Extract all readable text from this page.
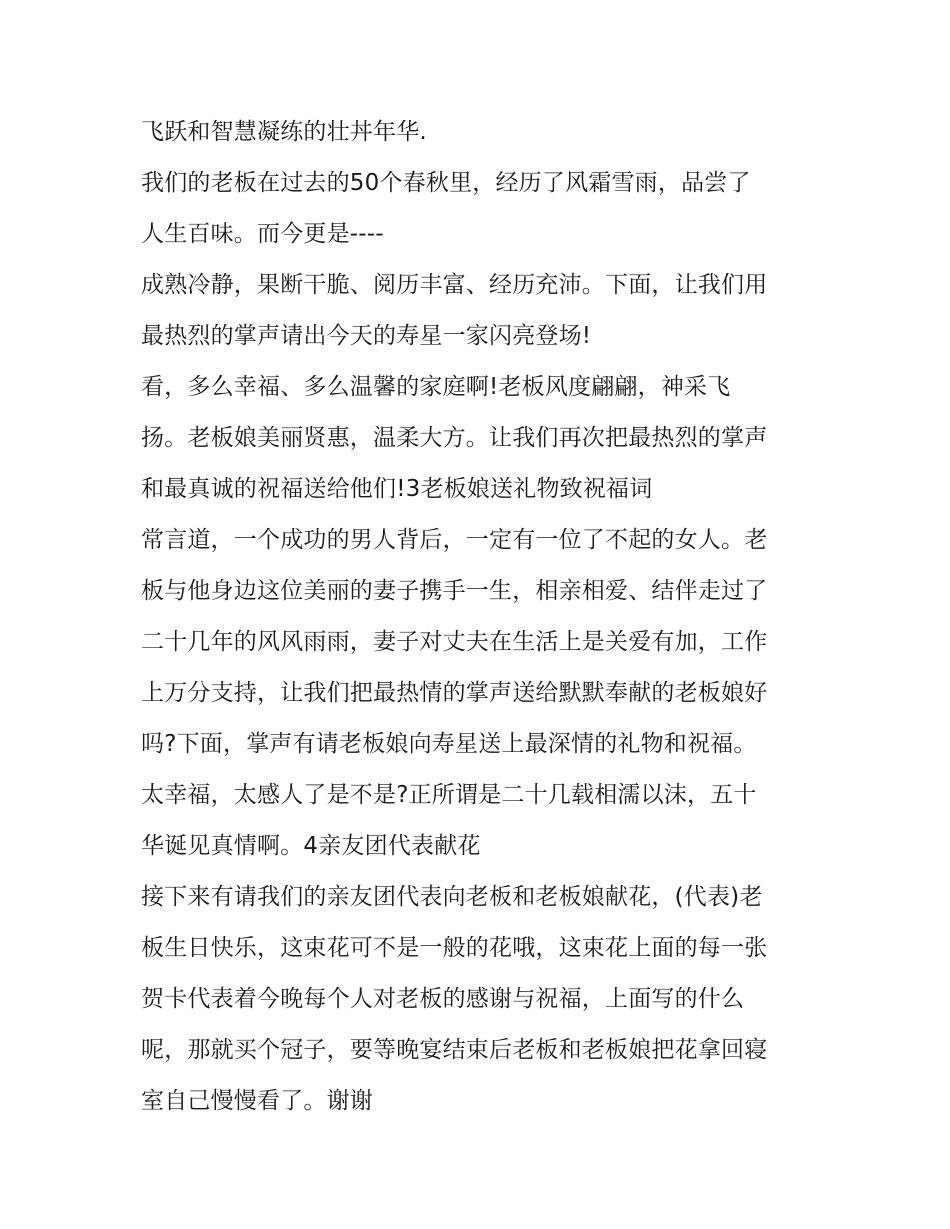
飞跃和智慧凝练的壮丼年华.
我们的老板在过去的50个春秋里，经历了风霜雪雨，品尝了
人生百味。而今更是----
成熟冷静，果断干脆、阅历丰富、经历充沛。下面，让我们用
最热烈的掌声请出今天的寿星一家闪亮登场!
看，多么幸福、多么温馨的家庭啊!老板风度翩翩，神采飞
扬。老板娘美丽贤惠，温柔大方。让我们再次把最热烈的掌声
和最真诚的祝福送给他们!3老板娘送礼物致祝福词
常言道，一个成功的男人背后，一定有一位了不起的女人。老
板与他身边这位美丽的妻子携手一生，相亲相爱、结伴走过了
二十几年的风风雨雨，妻子对丈夫在生活上是关爱有加，工作
上万分支持，让我们把最热情的掌声送给默默奉献的老板娘好
吗?下面，掌声有请老板娘向寿星送上最深情的礼物和祝福。
太幸福，太感人了是不是?正所谓是二十几载相濡以沫，五十
华诞见真情啊。4亲友团代表献花
接下来有请我们的亲友团代表向老板和老板娘献花，(代表)老
板生日快乐，这束花可不是一般的花哦，这束花上面的每一张
贺卡代表着今晚每个人对老板的感谢与祝福，上面写的什么
呢，那就买个冠子，要等晚宴结束后老板和老板娘把花拿回寝
室自己慢慢看了。谢谢
